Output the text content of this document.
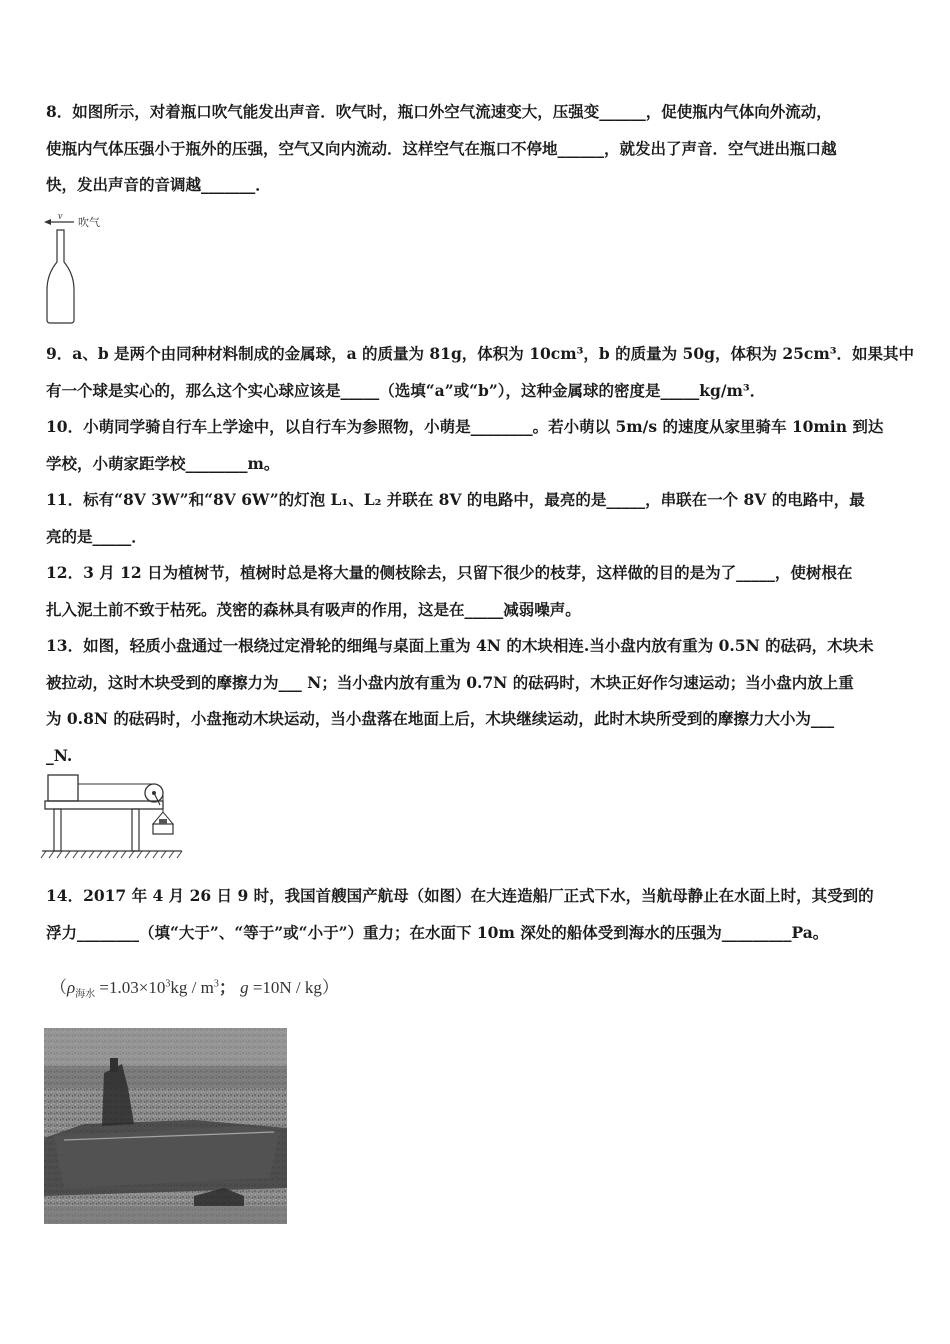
8．如图所示，对着瓶口吹气能发出声音．吹气时，瓶口外空气流速变大，压强变______，促使瓶内气体向外流动，
使瓶内气体压强小于瓶外的压强，空气又向内流动．这样空气在瓶口不停地______，就发出了声音．空气进出瓶口越
快，发出声音的音调越_______．
v 吹气
9．a、b 是两个由同种材料制成的金属球，a 的质量为 81g，体积为 10cm³，b 的质量为 50g，体积为 25cm³．如果其中
有一个球是实心的，那么这个实心球应该是_____（选填“a”或“b”），这种金属球的密度是_____kg/m³．
10．小萌同学骑自行车上学途中，以自行车为参照物，小萌是________。若小萌以 5m/s 的速度从家里骑车 10min 到达
学校，小萌家距学校________m。
11．标有“8V 3W”和“8V 6W”的灯泡 L₁、L₂ 并联在 8V 的电路中，最亮的是_____，串联在一个 8V 的电路中，最
亮的是_____．
12．3 月 12 日为植树节，植树时总是将大量的侧枝除去，只留下很少的枝芽，这样做的目的是为了_____，使树根在
扎入泥土前不致于枯死。茂密的森林具有吸声的作用，这是在_____减弱噪声。
13．如图，轻质小盘通过一根绕过定滑轮的细绳与桌面上重为 4N 的木块相连.当小盘内放有重为 0.5N 的砝码，木块未
被拉动，这时木块受到的摩擦力为___ N；当小盘内放有重为 0.7N 的砝码时，木块正好作匀速运动；当小盘内放上重
为 0.8N 的砝码时，小盘拖动木块运动，当小盘落在地面上后，木块继续运动，此时木块所受到的摩擦力大小为___
_N.
14．2017 年 4 月 26 日 9 时，我国首艘国产航母（如图）在大连造船厂正式下水，当航母静止在水面上时，其受到的
浮力________（填“大于”、“等于”或“小于”）重力；在水面下 10m 深处的船体受到海水的压强为_________Pa。
（$\rho_{海水} =1.03\times 10^3kg / m^3$； g =10N / kg）
